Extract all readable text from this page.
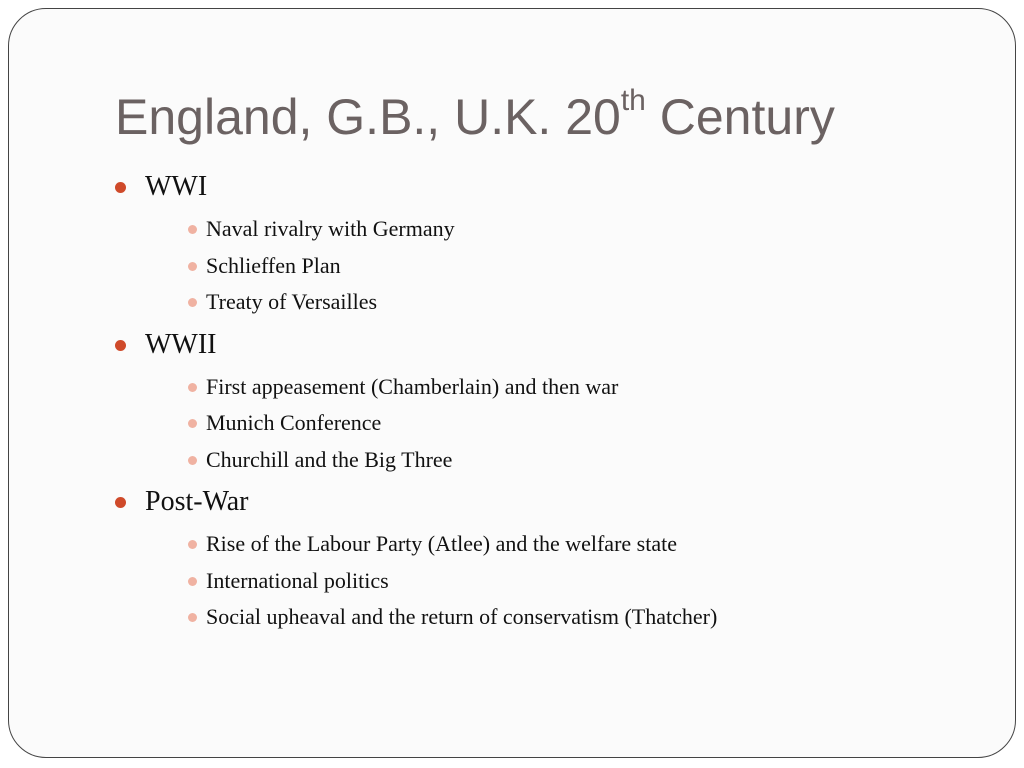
England, G.B., U.K. 20th Century
WWI
Naval rivalry with Germany
Schlieffen Plan
Treaty of Versailles
WWII
First appeasement (Chamberlain) and then war
Munich Conference
Churchill and the Big Three
Post-War
Rise of the Labour Party (Atlee) and the welfare state
International politics
Social upheaval and the return of conservatism (Thatcher)
